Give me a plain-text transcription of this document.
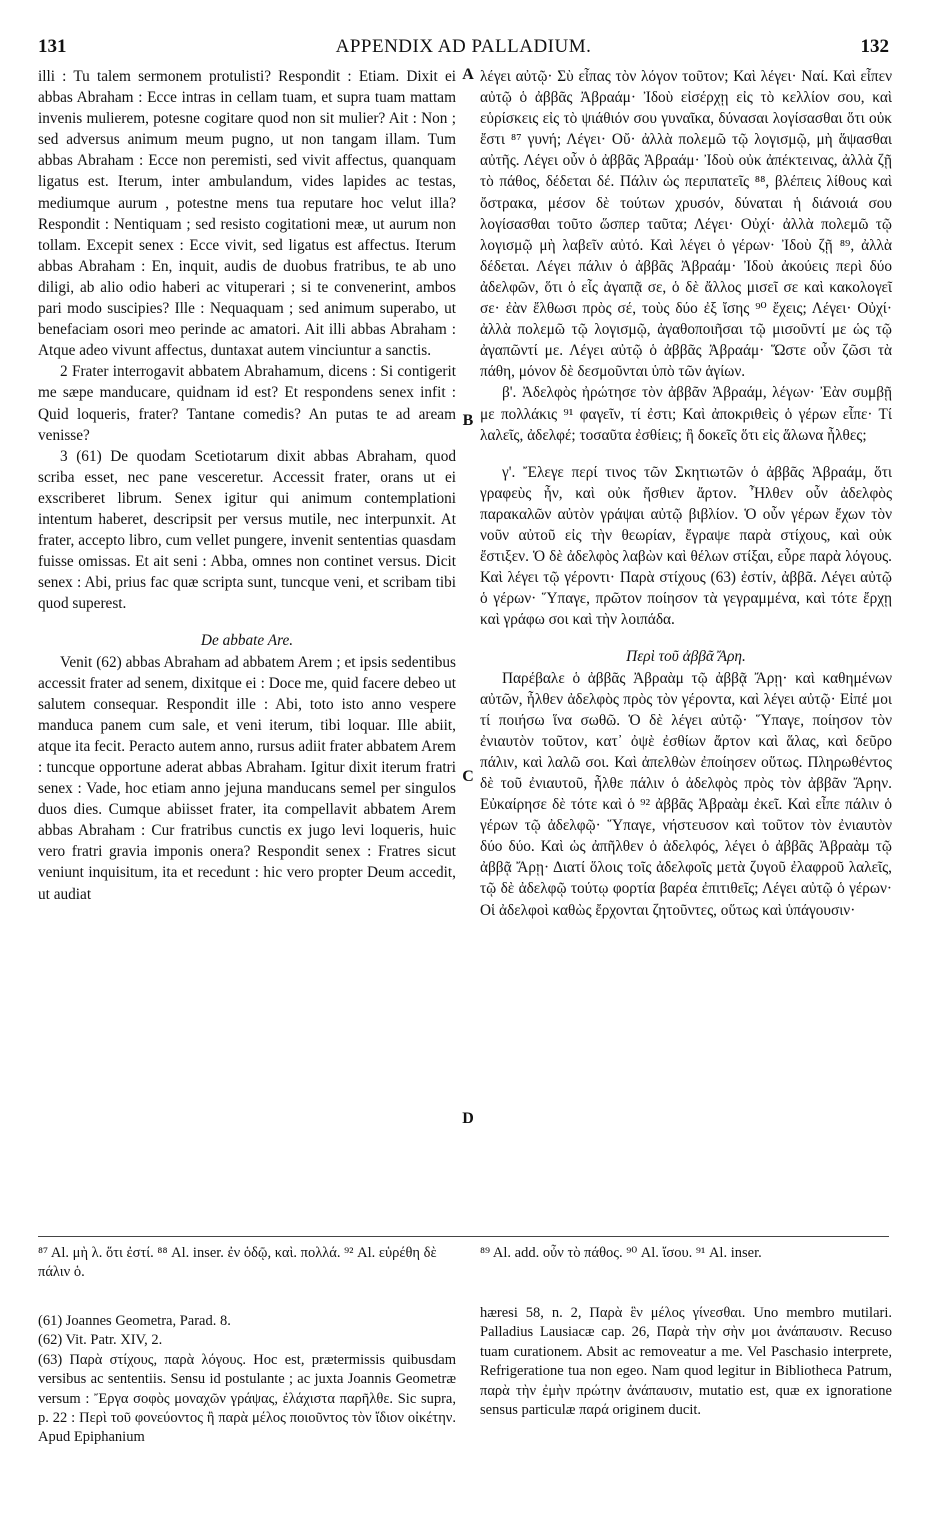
131	APPENDIX AD PALLADIUM.	132

illi : Tu talem sermonem protulisti? Respondit : Etiam. Dixit ei abbas Abraham : Ecce intras in cellam tuam, et supra tuam mattam invenis mulierem, potesne cogitare quod non sit mulier? Ait : Non ; sed adversus animum meum pugno, ut non tangam illam. Tum abbas Abraham : Ecce non peremisti, sed vivit affectus, quanquam ligatus est. Iterum, inter ambulandum, vides lapides ac testas, mediumque aurum , potestne mens tua reputare hoc velut illa? Respondit : Nentiquam ; sed resisto cogitationi meæ, ut aurum non tollam. Excepit senex : Ecce vivit, sed ligatus est affectus. Iterum abbas Abraham : En, inquit, audis de duobus fratribus, te ab uno diligi, ab alio odio haberi ac vituperari ; si te convenerint, ambos pari modo suscipies? Ille : Nequaquam ; sed animum superabo, ut benefaciam osori meo perinde ac amatori. Ait illi abbas Abraham : Atque adeo vivunt affectus, duntaxat autem vinciuntur a sanctis.

2 Frater interrogavit abbatem Abrahamum, dicens : Si contigerit me sæpe manducare, quidnam id est? Et respondens senex infit : Quid loqueris, frater? Tantane comedis? An putas te ad aream venisse?

3 (61) De quodam Scetiotarum dixit abbas Abraham, quod scriba esset, nec pane vesceretur. Accessit frater, orans ut ei exscriberet librum. Senex igitur qui animum contemplationi intentum haberet, descripsit per versus mutile, nec interpunxit. At frater, accepto libro, cum vellet pungere, invenit sententias quasdam fuisse omissas. Et ait seni : Abba, omnes non continet versus. Dicit senex : Abi, prius fac quæ scripta sunt, tuncque veni, et scribam tibi quod superest.

De abbate Are.

Venit (62) abbas Abraham ad abbatem Arem ; et ipsis sedentibus accessit frater ad senem, dixitque ei : Doce me, quid facere debeo ut salutem consequar. Respondit ille : Abi, toto isto anno vespere manduca panem cum sale, et veni iterum, tibi loquar. Ille abiit, atque ita fecit. Peracto autem anno, rursus adiit frater abbatem Arem : tuncque opportune aderat abbas Abraham. Igitur dixit iterum fratri senex : Vade, hoc etiam anno jejuna manducans semel per singulos duos dies. Cumque abiisset frater, ita compellavit abbatem Arem abbas Abraham : Cur fratribus cunctis ex jugo levi loqueris, huic vero fratri gravia imponis onera? Respondit senex : Fratres sicut veniunt inquisitum, ita et recedunt : hic vero propter Deum accedit, ut audiat

A
B
C
D

λέγει αὐτῷ· Σὺ εἶπας τὸν λόγον τοῦτον; Καὶ λέγει· Ναί. Καὶ εἶπεν αὐτῷ ὁ ἀββᾶς Ἀβραάμ· Ἰδοὺ εἰσέρχῃ εἰς τὸ κελλίον σου, καὶ εὑρίσκεις εἰς τὸ ψιάθιόν σου γυναῖκα, δύνασαι λογίσασθαι ὅτι οὐκ ἔστι ⁸⁷ γυνή; Λέγει· Οὔ· ἀλλὰ πολεμῶ τῷ λογισμῷ, μὴ ἅψασθαι αὐτῆς. Λέγει οὖν ὁ ἀββᾶς Ἀβραάμ· Ἰδοὺ οὐκ ἀπέκτεινας, ἀλλὰ ζῇ τὸ πάθος, δέδεται δέ. Πάλιν ὡς περιπατεῖς ⁸⁸, βλέπεις λίθους καὶ ὄστρακα, μέσον δὲ τούτων χρυσόν, δύναται ἡ διάνοιά σου λογίσασθαι τοῦτο ὥσπερ ταῦτα; Λέγει· Οὐχί· ἀλλὰ πολεμῶ τῷ λογισμῷ μὴ λαβεῖν αὐτό. Καὶ λέγει ὁ γέρων· Ἰδοὺ ζῇ ⁸⁹, ἀλλὰ δέδεται. Λέγει πάλιν ὁ ἀββᾶς Ἀβραάμ· Ἰδοὺ ἀκούεις περὶ δύο ἀδελφῶν, ὅτι ὁ εἷς ἀγαπᾷ σε, ὁ δὲ ἄλλος μισεῖ σε καὶ κακολογεῖ σε· ἐὰν ἔλθωσι πρὸς σέ, τοὺς δύο ἐξ ἴσης ⁹⁰ ἔχεις; Λέγει· Οὐχί· ἀλλὰ πολεμῶ τῷ λογισμῷ, ἀγαθοποιῆσαι τῷ μισοῦντί με ὡς τῷ ἀγαπῶντί με. Λέγει αὐτῷ ὁ ἀββᾶς Ἀβραάμ· Ὥστε οὖν ζῶσι τὰ πάθη, μόνον δὲ δεσμοῦνται ὑπὸ τῶν ἁγίων.

β'. Ἀδελφὸς ἠρώτησε τὸν ἀββᾶν Ἀβραάμ, λέγων· Ἐὰν συμβῇ με πολλάκις ⁹¹ φαγεῖν, τί ἐστι; Καὶ ἀποκριθεὶς ὁ γέρων εἶπε· Τί λαλεῖς, ἀδελφέ; τοσαῦτα ἐσθίεις; ἢ δοκεῖς ὅτι εἰς ἅλωνα ἦλθες;

γ'. Ἔλεγε περί τινος τῶν Σκητιωτῶν ὁ ἀββᾶς Ἀβραάμ, ὅτι γραφεὺς ἦν, καὶ οὐκ ἤσθιεν ἄρτον. Ἦλθεν οὖν ἀδελφὸς παρακαλῶν αὐτὸν γράψαι αὐτῷ βιβλίον. Ὁ οὖν γέρων ἔχων τὸν νοῦν αὐτοῦ εἰς τὴν θεωρίαν, ἔγραψε παρὰ στίχους, καὶ οὐκ ἔστιξεν. Ὁ δὲ ἀδελφὸς λαβὼν καὶ θέλων στίξαι, εὗρε παρὰ λόγους. Καὶ λέγει τῷ γέροντι· Παρὰ στίχους (63) ἐστίν, ἀββᾶ. Λέγει αὐτῷ ὁ γέρων· Ὕπαγε, πρῶτον ποίησον τὰ γεγραμμένα, καὶ τότε ἔρχῃ καὶ γράφω σοι καὶ τὴν λοιπάδα.

Περὶ τοῦ ἀββᾶ Ἄρη.

Παρέβαλε ὁ ἀββᾶς Ἀβραὰμ τῷ ἀββᾷ Ἄρῃ· καὶ καθημένων αὐτῶν, ἦλθεν ἀδελφὸς πρὸς τὸν γέροντα, καὶ λέγει αὐτῷ· Εἰπέ μοι τί ποιήσω ἵνα σωθῶ. Ὁ δὲ λέγει αὐτῷ· Ὕπαγε, ποίησον τὸν ἐνιαυτὸν τοῦτον, κατ᾽ ὀψὲ ἐσθίων ἄρτον καὶ ἅλας, καὶ δεῦρο πάλιν, καὶ λαλῶ σοι. Καὶ ἀπελθὼν ἐποίησεν οὕτως. Πληρωθέντος δὲ τοῦ ἐνιαυτοῦ, ἦλθε πάλιν ὁ ἀδελφὸς πρὸς τὸν ἀββᾶν Ἄρην. Εὐκαίρησε δὲ τότε καὶ ὁ ⁹² ἀββᾶς Ἀβραὰμ ἐκεῖ. Καὶ εἶπε πάλιν ὁ γέρων τῷ ἀδελφῷ· Ὕπαγε, νήστευσον καὶ τοῦτον τὸν ἐνιαυτὸν δύο δύο. Καὶ ὡς ἀπῆλθεν ὁ ἀδελφός, λέγει ὁ ἀββᾶς Ἀβραὰμ τῷ ἀββᾷ Ἄρῃ· Διατί ὅλοις τοῖς ἀδελφοῖς μετὰ ζυγοῦ ἐλαφροῦ λαλεῖς, τῷ δὲ ἀδελφῷ τούτῳ φορτία βαρέα ἐπιτιθεῖς; Λέγει αὐτῷ ὁ γέρων· Οἱ ἀδελφοὶ καθὼς ἔρχονται ζητοῦντες, οὕτως καὶ ὑπάγουσιν·

⁸⁷ Al. μὴ λ. ὅτι ἐστί. ⁸⁸ Al. inser. ἐν ὁδῷ, καὶ. πολλά. ⁹² Al. εὑρέθη δὲ πάλιν ὁ.
⁸⁹ Al. add. οὖν τὸ πάθος. ⁹⁰ Al. ἴσου. ⁹¹ Al. inser.

(61) Joannes Geometra, Parad. 8.

(62) Vit. Patr. XIV, 2.

(63) Παρὰ στίχους, παρὰ λόγους. Hoc est, prætermissis quibusdam versibus ac sententiis. Sensu id postulante ; ac juxta Joannis Geometræ versum : Ἔργα σοφὸς μοναχῶν γράψας, ἐλάχιστα παρῆλθε. Sic supra, p. 22 : Περὶ τοῦ φονεύοντος ἢ παρὰ μέλος ποιοῦντος τὸν ἴδιον οἰκέτην. Apud Epiphanium

hæresi 58, n. 2, Παρὰ ἓν μέλος γίνεσθαι. Uno membro mutilari. Palladius Lausiacæ cap. 26, Παρὰ τὴν σὴν μοι ἀνάπαυσιν. Recuso tuam curationem. Absit ac removeatur a me. Vel Paschasio interprete, Refrigeratione tua non egeo. Nam quod legitur in Bibliotheca Patrum, παρὰ τὴν ἐμὴν πρώτην ἀνάπαυσιν, mutatio est, quæ ex ignoratione sensus particulæ παρά originem ducit.
